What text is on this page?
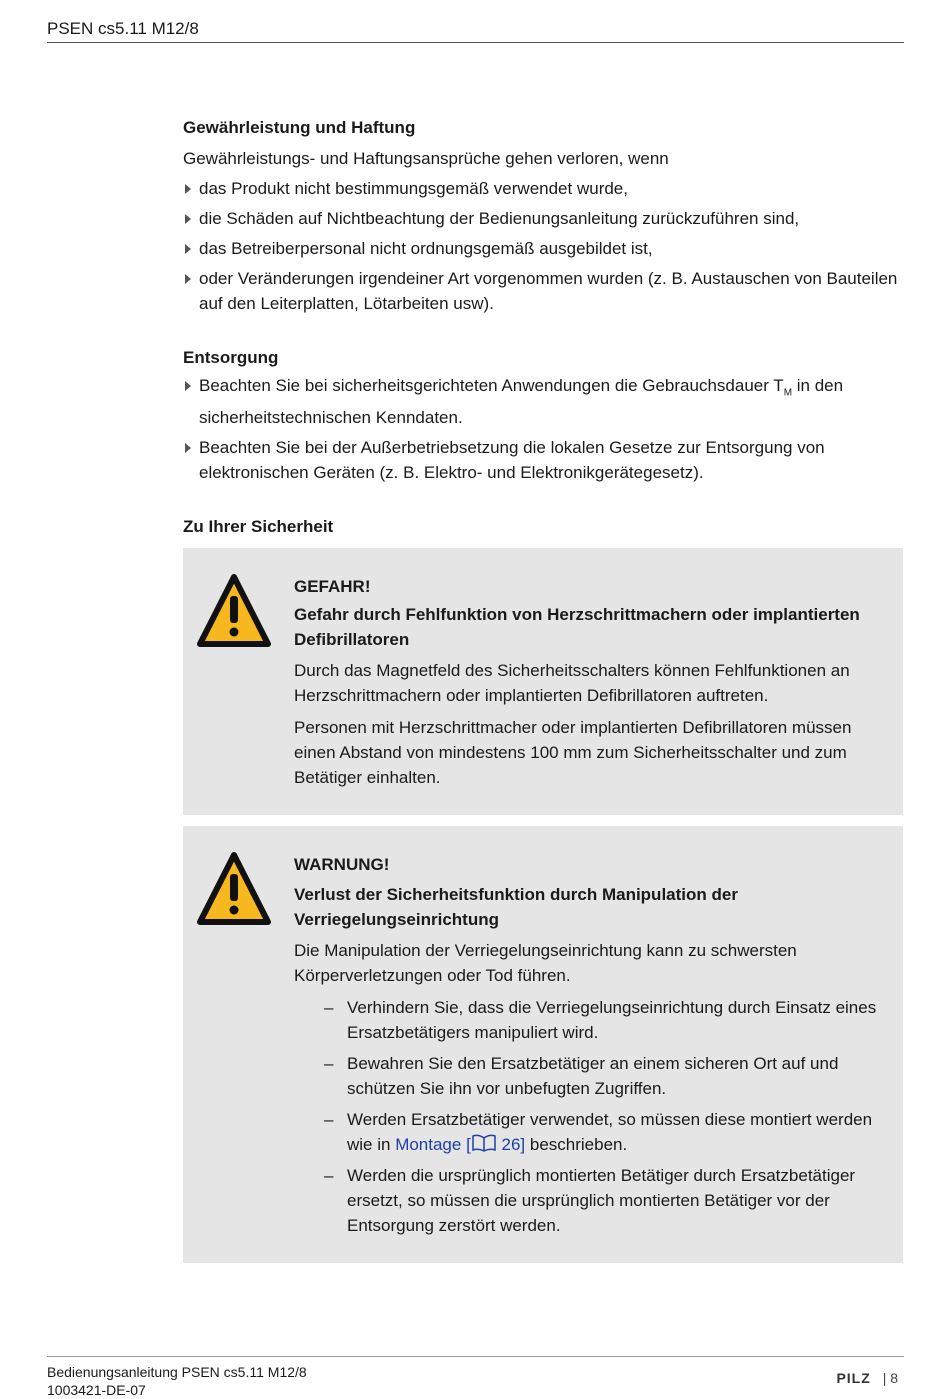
PSEN cs5.11 M12/8
Gewährleistung und Haftung

Gewährleistungs- und Haftungsansprüche gehen verloren, wenn

das Produkt nicht bestimmungsgemäß verwendet wurde,
die Schäden auf Nichtbeachtung der Bedienungsanleitung zurückzuführen sind,
das Betreiberpersonal nicht ordnungsgemäß ausgebildet ist,
oder Veränderungen irgendeiner Art vorgenommen wurden (z. B. Austauschen von Bauteilen auf den Leiterplatten, Lötarbeiten usw).
Entsorgung
Beachten Sie bei sicherheitsgerichteten Anwendungen die Gebrauchsdauer $T_M$ in den sicherheitstechnischen Kenndaten.
Beachten Sie bei der Außerbetriebsetzung die lokalen Gesetze zur Entsorgung von elektronischen Geräten (z. B. Elektro- und Elektronikgerätegesetz).
Zu Ihrer Sicherheit
GEFAHR!
Gefahr durch Fehlfunktion von Herzschrittmachern oder implantierten Defibrillatoren

Durch das Magnetfeld des Sicherheitsschalters können Fehlfunktionen an Herzschrittmachern oder implantierten Defibrillatoren auftreten.

Personen mit Herzschrittmacher oder implantierten Defibrillatoren müssen einen Abstand von mindestens 100 mm zum Sicherheitsschalter und zum Betätiger einhalten.

WARNUNG!
Verlust der Sicherheitsfunktion durch Manipulation der Verriegelungseinrichtung

Die Manipulation der Verriegelungseinrichtung kann zu schwersten Körperverletzungen oder Tod führen.

– Verhindern Sie, dass die Verriegelungseinrichtung durch Einsatz eines Ersatzbetätigers manipuliert wird.
– Bewahren Sie den Ersatzbetätiger an einem sicheren Ort auf und schützen Sie ihn vor unbefugten Zugriffen.
– Werden Ersatzbetätiger verwendet, so müssen diese montiert werden wie in Montage [ 26] beschrieben.
– Werden die ursprünglich montierten Betätiger durch Ersatzbetätiger ersetzt, so müssen die ursprünglich montierten Betätiger vor der Entsorgung zerstört werden.
Bedienungsanleitung PSEN cs5.11 M12/8
1003421-DE-07
PILZ | 8
